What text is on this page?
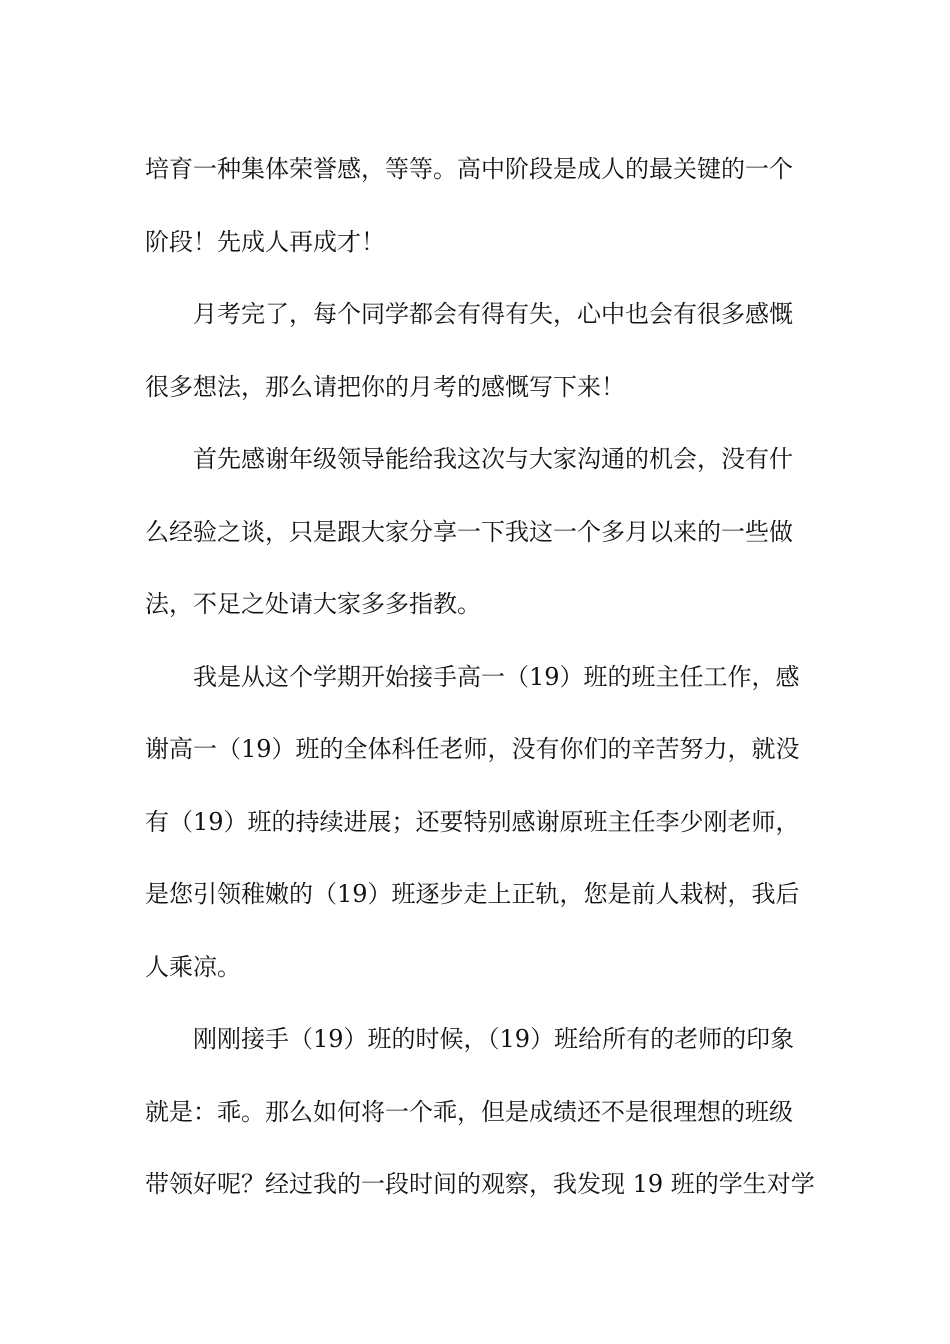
培育一种集体荣誉感，等等。高中阶段是成人的最关键的一个
阶段！先成人再成才！
月考完了，每个同学都会有得有失，心中也会有很多感慨
很多想法，那么请把你的月考的感慨写下来！
首先感谢年级领导能给我这次与大家沟通的机会，没有什
么经验之谈，只是跟大家分享一下我这一个多月以来的一些做
法，不足之处请大家多多指教。
我是从这个学期开始接手高一（19）班的班主任工作，感
谢高一（19）班的全体科任老师，没有你们的辛苦努力，就没
有（19）班的持续进展；还要特别感谢原班主任李少刚老师，
是您引领稚嫩的（19）班逐步走上正轨，您是前人栽树，我后
人乘凉。
刚刚接手（19）班的时候，（19）班给所有的老师的印象
就是：乖。那么如何将一个乖，但是成绩还不是很理想的班级
带领好呢？经过我的一段时间的观察，我发现 19 班的学生对学
